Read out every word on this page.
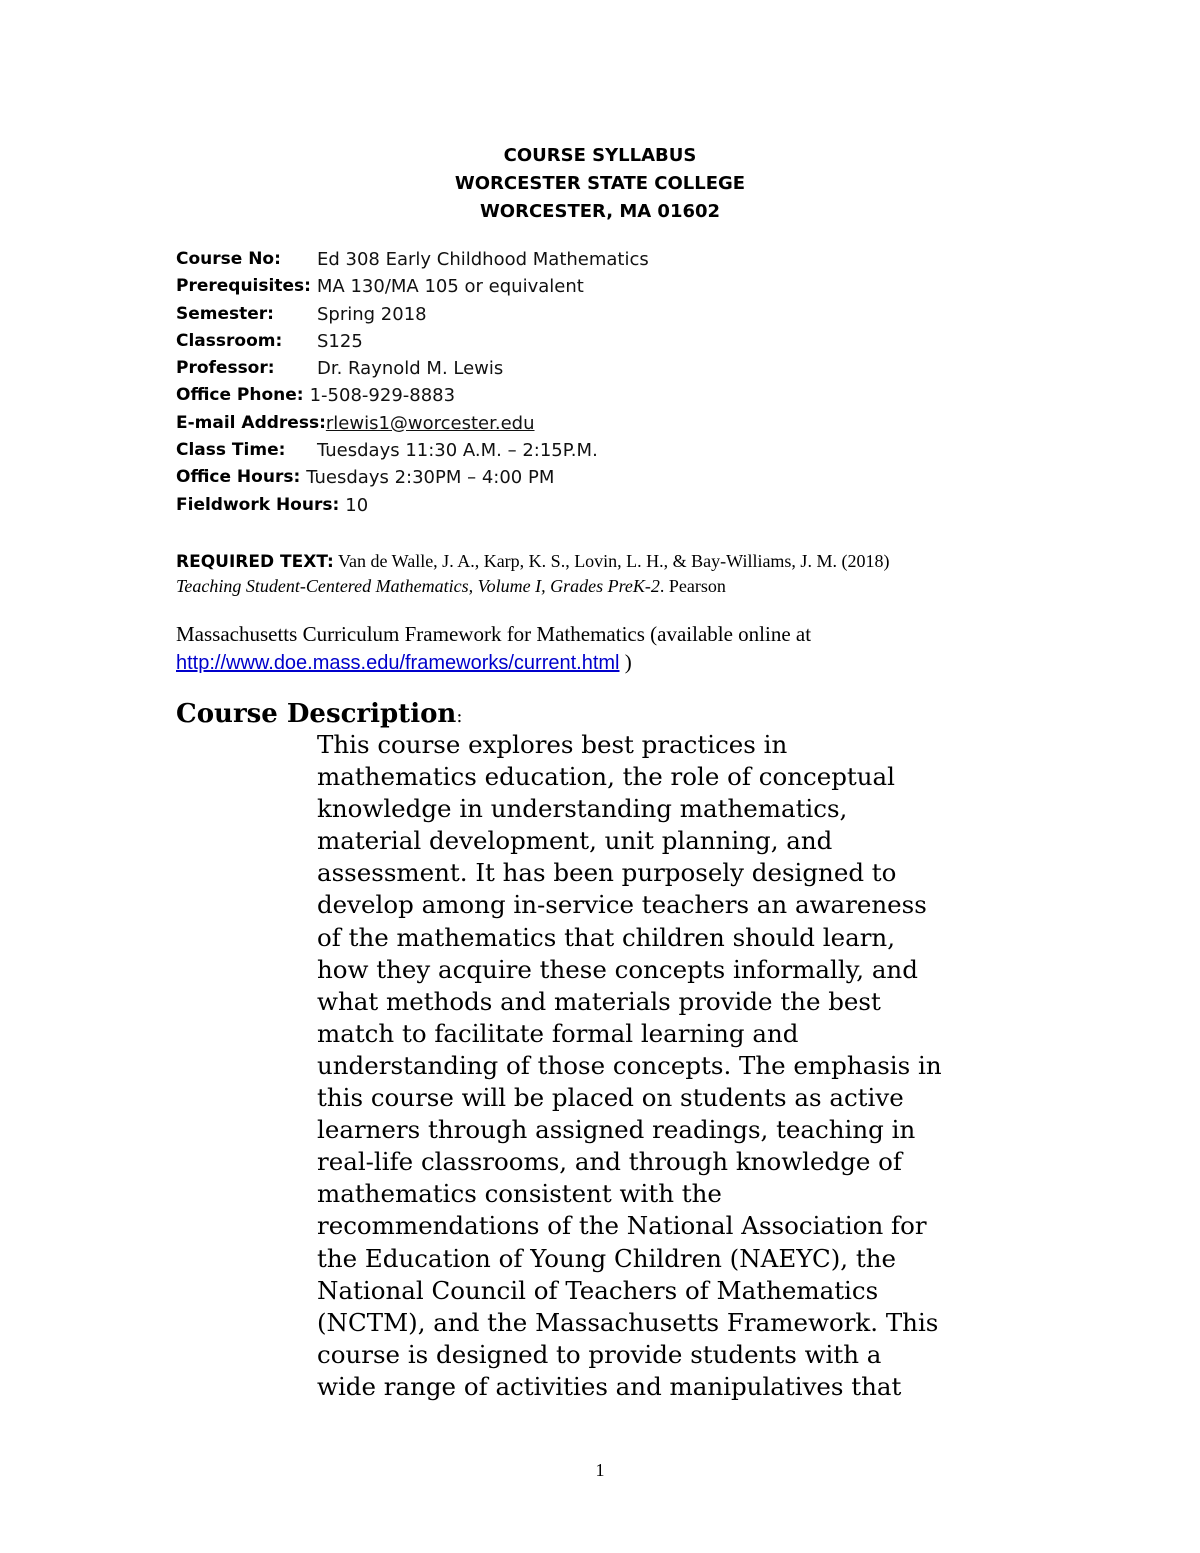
COURSE SYLLABUS
WORCESTER STATE COLLEGE
WORCESTER, MA 01602
Course No:	Ed 308 Early Childhood Mathematics
Prerequisites: MA 130/MA 105 or equivalent
Semester:	Spring 2018
Classroom:	S125
Professor:	Dr. Raynold M. Lewis
Office Phone: 1-508-929-8883
E-mail Address: rlewis1@worcester.edu
Class Time:	Tuesdays 11:30 A.M. – 2:15P.M.
Office Hours: Tuesdays 2:30PM – 4:00 PM
Fieldwork Hours: 10
REQUIRED TEXT: Van de Walle, J. A., Karp, K. S., Lovin, L. H., & Bay-Williams, J. M. (2018)
Teaching Student-Centered Mathematics, Volume I, Grades PreK-2. Pearson
Massachusetts Curriculum Framework for Mathematics (available online at
http://www.doe.mass.edu/frameworks/current.html )
Course Description:
This course explores best practices in
mathematics education, the role of conceptual
knowledge in understanding mathematics,
material development, unit planning, and
assessment. It has been purposely designed to
develop among in-service teachers an awareness
of the mathematics that children should learn,
how they acquire these concepts informally, and
what methods and materials provide the best
match to facilitate formal learning and
understanding of those concepts. The emphasis in
this course will be placed on students as active
learners through assigned readings, teaching in
real-life classrooms, and through knowledge of
mathematics consistent with the
recommendations of the National Association for
the Education of Young Children (NAEYC), the
National Council of Teachers of Mathematics
(NCTM), and the Massachusetts Framework. This
course is designed to provide students with a
wide range of activities and manipulatives that
1
